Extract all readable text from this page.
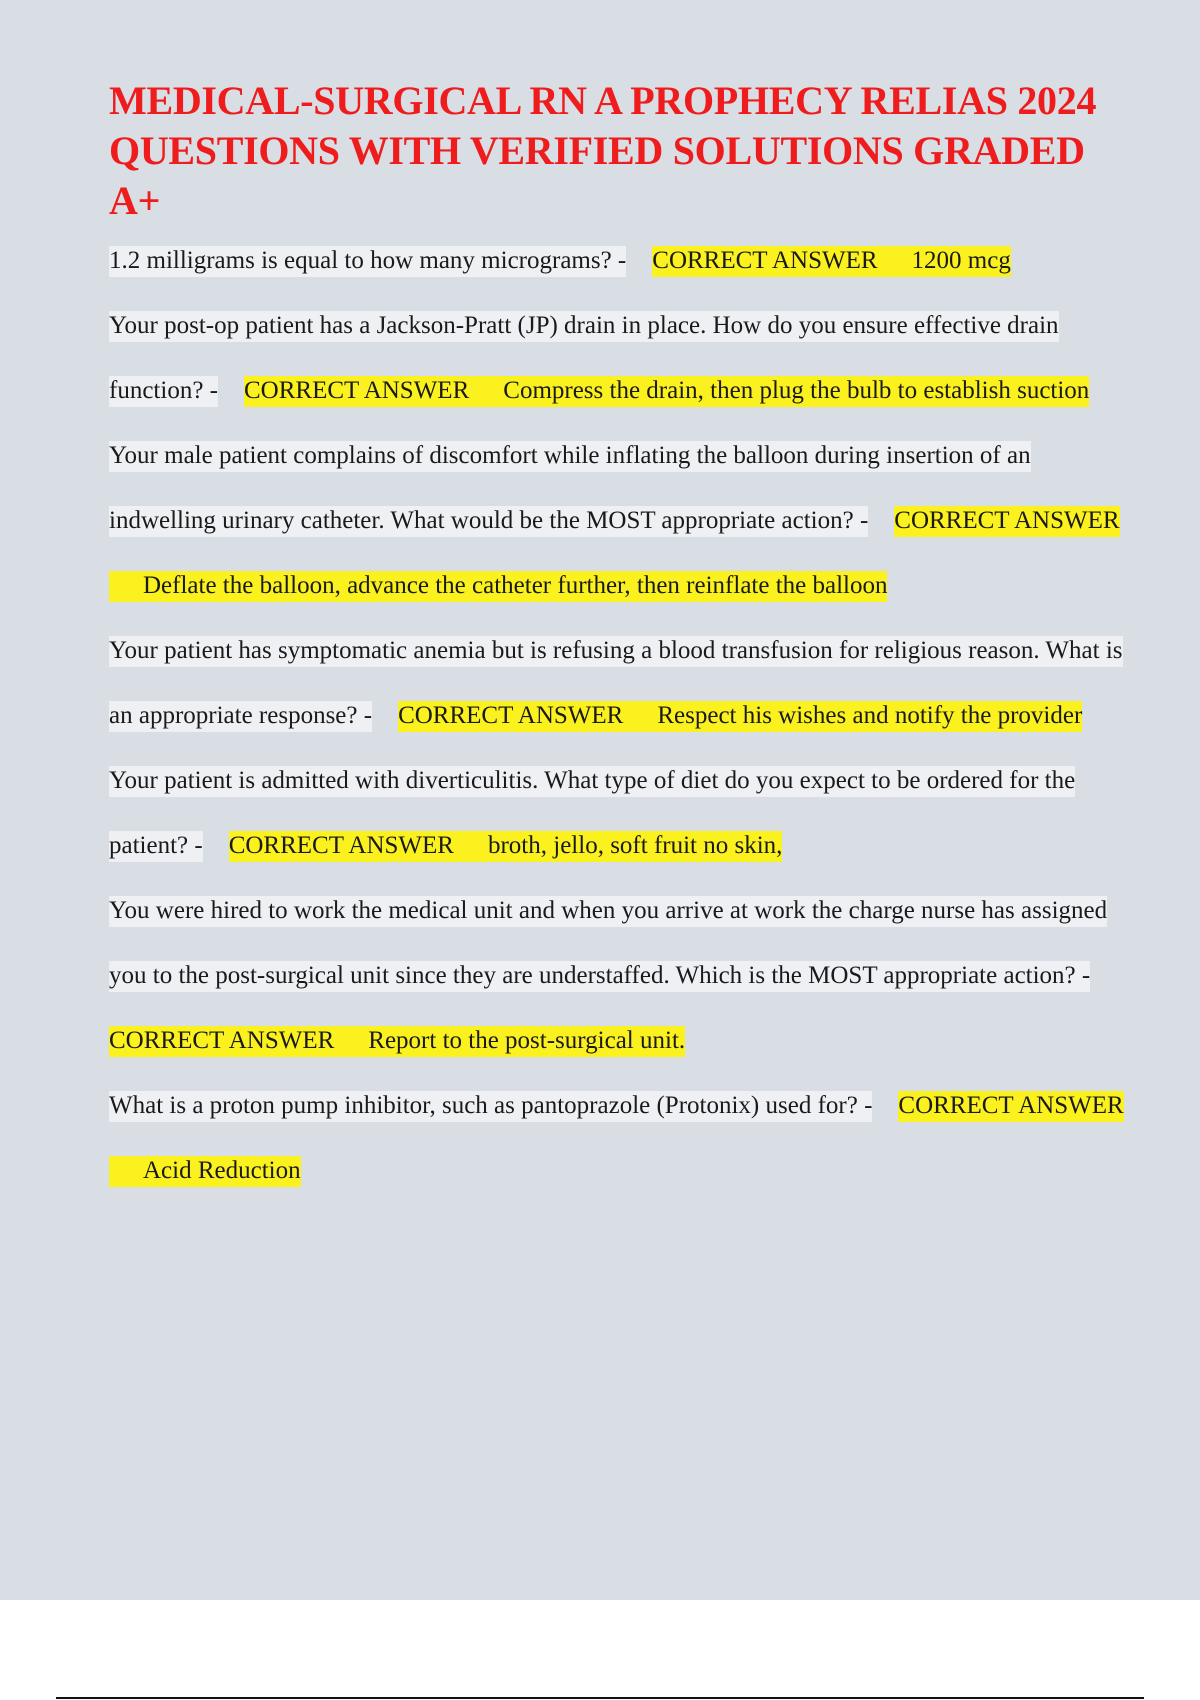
MEDICAL-SURGICAL RN A PROPHECY RELIAS 2024 QUESTIONS WITH VERIFIED SOLUTIONS GRADED A+
1.2 milligrams is equal to how many micrograms? - CORRECT ANSWER 1200 mcg
Your post-op patient has a Jackson-Pratt (JP) drain in place. How do you ensure effective drain function? - CORRECT ANSWER Compress the drain, then plug the bulb to establish suction
Your male patient complains of discomfort while inflating the balloon during insertion of an indwelling urinary catheter. What would be the MOST appropriate action? - CORRECT ANSWERDeflate the balloon, advance the catheter further, then reinflate the balloon
Your patient has symptomatic anemia but is refusing a blood transfusion for religious reason. What is an appropriate response? - CORRECT ANSWER Respect his wishes and notify the provider
Your patient is admitted with diverticulitis. What type of diet do you expect to be ordered for the patient? - CORRECT ANSWER broth, jello, soft fruit no skin,
You were hired to work the medical unit and when you arrive at work the charge nurse has assigned you to the post-surgical unit since they are understaffed. Which is the MOST appropriate action? -CORRECT ANSWER Report to the post-surgical unit.
What is a proton pump inhibitor, such as pantoprazole (Protonix) used for? - CORRECT ANSWERAcid Reduction
